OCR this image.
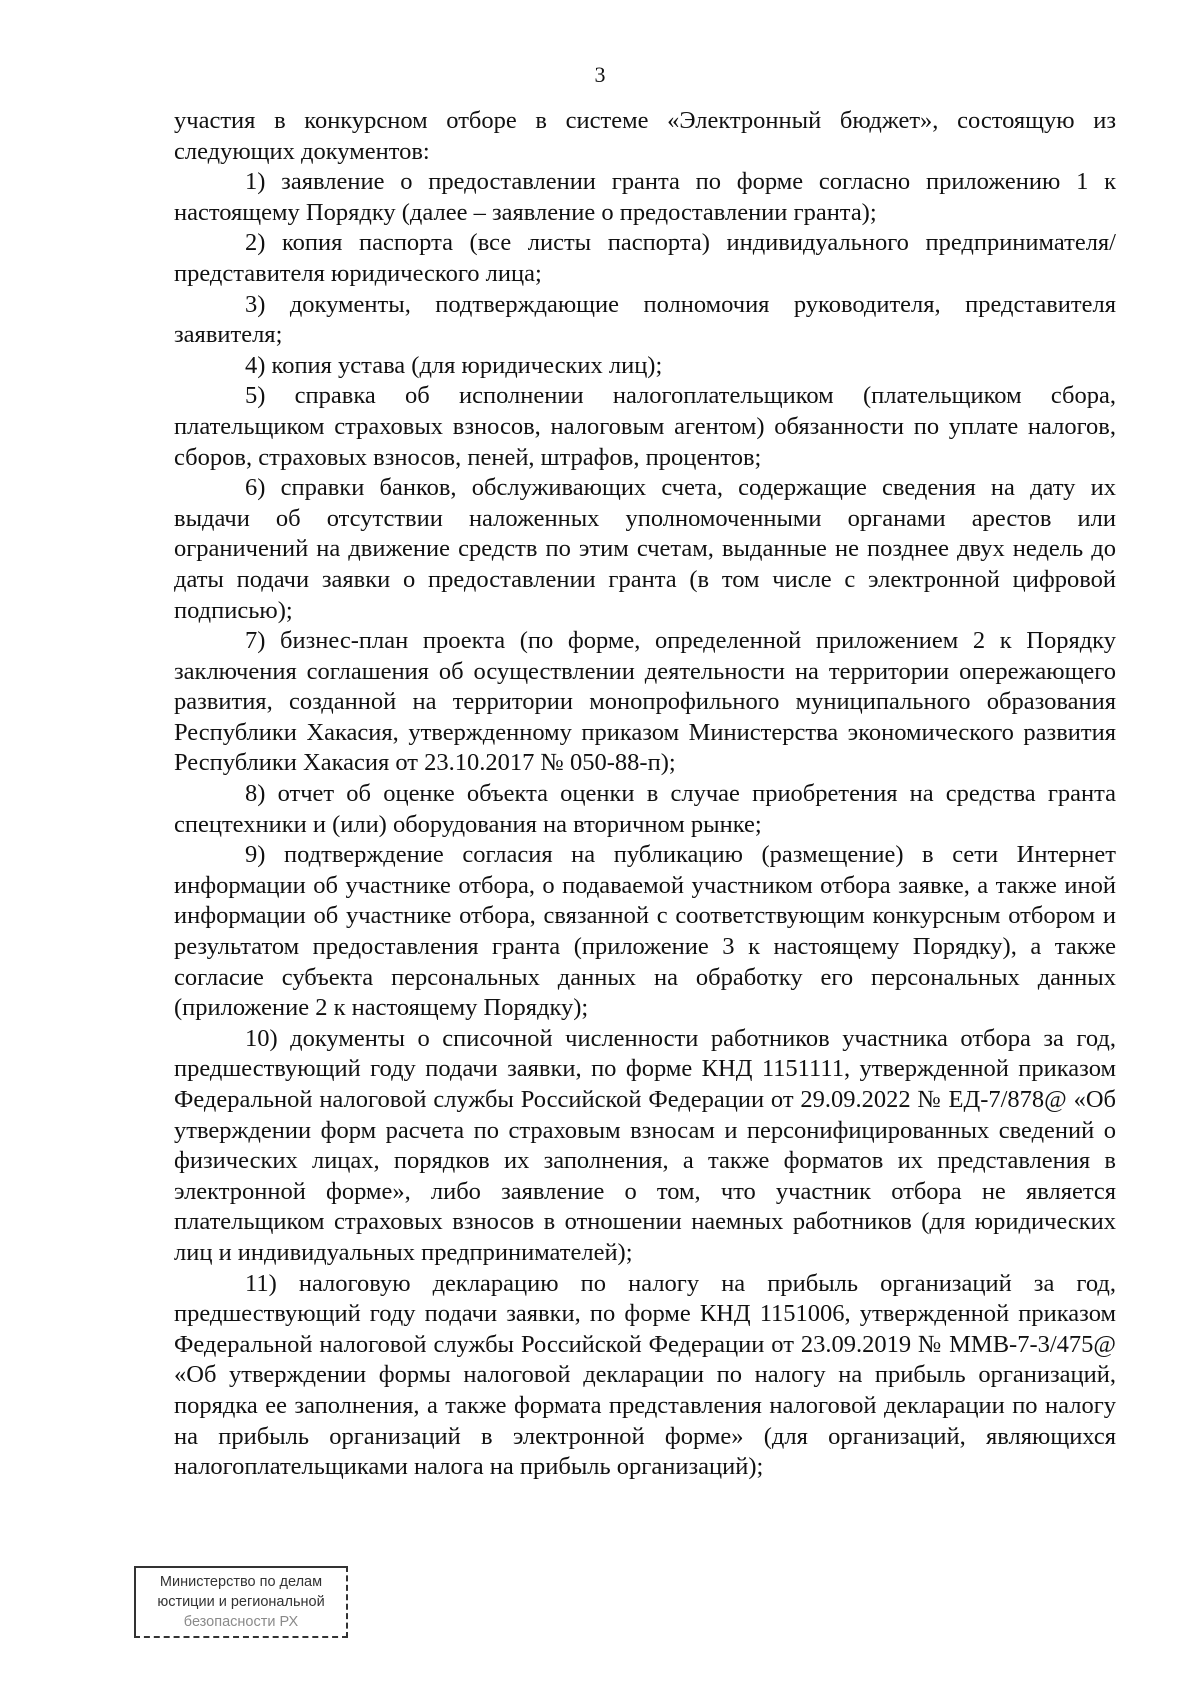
3

участия в конкурсном отборе в системе «Электронный бюджет», состоящую из следующих документов:

1) заявление о предоставлении гранта по форме согласно приложению 1 к настоящему Порядку (далее – заявление о предоставлении гранта);

2) копия паспорта (все листы паспорта) индивидуального предпринимателя/представителя юридического лица;

3) документы, подтверждающие полномочия руководителя, представителя заявителя;

4) копия устава (для юридических лиц);

5) справка об исполнении налогоплательщиком (плательщиком сбора, плательщиком страховых взносов, налоговым агентом) обязанности по уплате налогов, сборов, страховых взносов, пеней, штрафов, процентов;

6) справки банков, обслуживающих счета, содержащие сведения на дату их выдачи об отсутствии наложенных уполномоченными органами арестов или ограничений на движение средств по этим счетам, выданные не позднее двух недель до даты подачи заявки о предоставлении гранта (в том числе с электронной цифровой подписью);

7) бизнес-план проекта (по форме, определенной приложением 2 к Порядку заключения соглашения об осуществлении деятельности на территории опережающего развития, созданной на территории монопрофильного муниципального образования Республики Хакасия, утвержденному приказом Министерства экономического развития Республики Хакасия от 23.10.2017 № 050-88-п);

8) отчет об оценке объекта оценки в случае приобретения на средства гранта спецтехники и (или) оборудования на вторичном рынке;

9) подтверждение согласия на публикацию (размещение) в сети Интернет информации об участнике отбора, о подаваемой участником отбора заявке, а также иной информации об участнике отбора, связанной с соответствующим конкурсным отбором и результатом предоставления гранта (приложение 3 к настоящему Порядку), а также согласие субъекта персональных данных на обработку его персональных данных (приложение 2 к настоящему Порядку);

10) документы о списочной численности работников участника отбора за год, предшествующий году подачи заявки, по форме КНД 1151111, утвержденной приказом Федеральной налоговой службы Российской Федерации от 29.09.2022 № ЕД-7/878@ «Об утверждении форм расчета по страховым взносам и персонифицированных сведений о физических лицах, порядков их заполнения, а также форматов их представления в электронной форме», либо заявление о том, что участник отбора не является плательщиком страховых взносов в отношении наемных работников (для юридических лиц и индивидуальных предпринимателей);

11) налоговую декларацию по налогу на прибыль организаций за год, предшествующий году подачи заявки, по форме КНД 1151006, утвержденной приказом Федеральной налоговой службы Российской Федерации от 23.09.2019 № ММВ-7-3/475@ «Об утверждении формы налоговой декларации по налогу на прибыль организаций, порядка ее заполнения, а также формата представления налоговой декларации по налогу на прибыль организаций в электронной форме» (для организаций, являющихся налогоплательщиками налога на прибыль организаций);

Министерство по делам
юстиции и региональной
безопасности РХ
